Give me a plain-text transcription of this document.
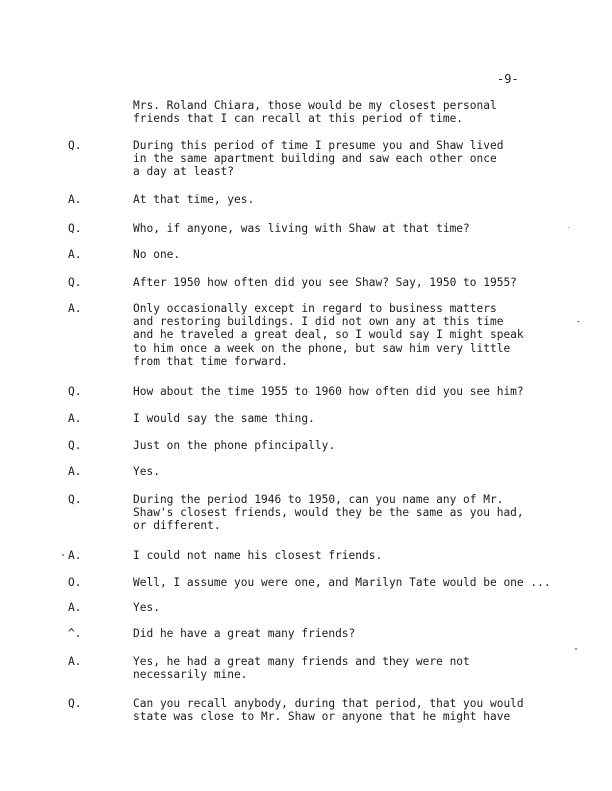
-9-
Mrs. Roland Chiara, those would be my closest personal
friends that I can recall at this period of time.
Q.	During this period of time I presume you and Shaw lived
in the same apartment building and saw each other once
a day at least?
A.	At that time, yes.
Q.	Who, if anyone, was living with Shaw at that time?
A.	No one.
Q.	After 1950 how often did you see Shaw? Say, 1950 to 1955?
A.	Only occasionally except in regard to business matters
and restoring buildings. I did not own any at this time
and he traveled a great deal, so I would say I might speak
to him once a week on the phone, but saw him very little
from that time forward.
Q.	How about the time 1955 to 1960 how often did you see him?
A.	I would say the same thing.
Q.	Just on the phone pfincipally.
A.	Yes.
Q.	During the period 1946 to 1950, can you name any of Mr.
Shaw's closest friends, would they be the same as you had,
or different.
A.	I could not name his closest friends.
O.	Well, I assume you were one, and Marilyn Tate would be one ...
A.	Yes.
^.	Did he have a great many friends?
A.	Yes, he had a great many friends and they were not
necessarily mine.
Q.	Can you recall anybody, during that period, that you would
state was close to Mr. Shaw or anyone that he might have
